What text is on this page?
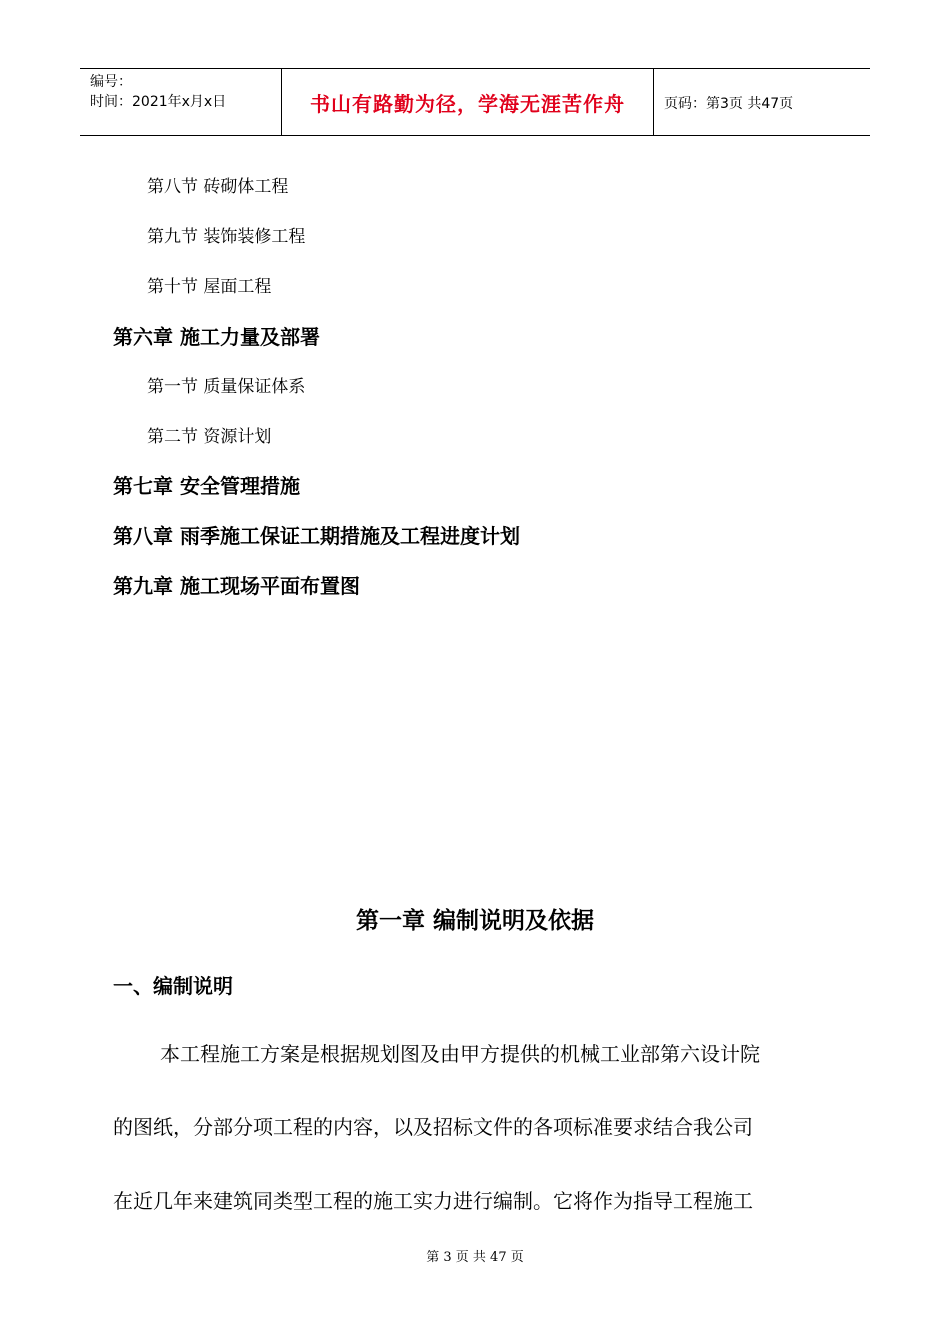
编号：
时间：2021年x月x日	书山有路勤为径，学海无涯苦作舟	页码：第3页 共47页
第八节 砖砌体工程
第九节 装饰装修工程
第十节 屋面工程
第六章 施工力量及部署
第一节 质量保证体系
第二节 资源计划
第七章 安全管理措施
第八章 雨季施工保证工期措施及工程进度计划
第九章 施工现场平面布置图
第一章 编制说明及依据
一、编制说明
本工程施工方案是根据规划图及由甲方提供的机械工业部第六设计院
的图纸，分部分项工程的内容，以及招标文件的各项标准要求结合我公司
在近几年来建筑同类型工程的施工实力进行编制。它将作为指导工程施工
第 3 页 共 47 页
